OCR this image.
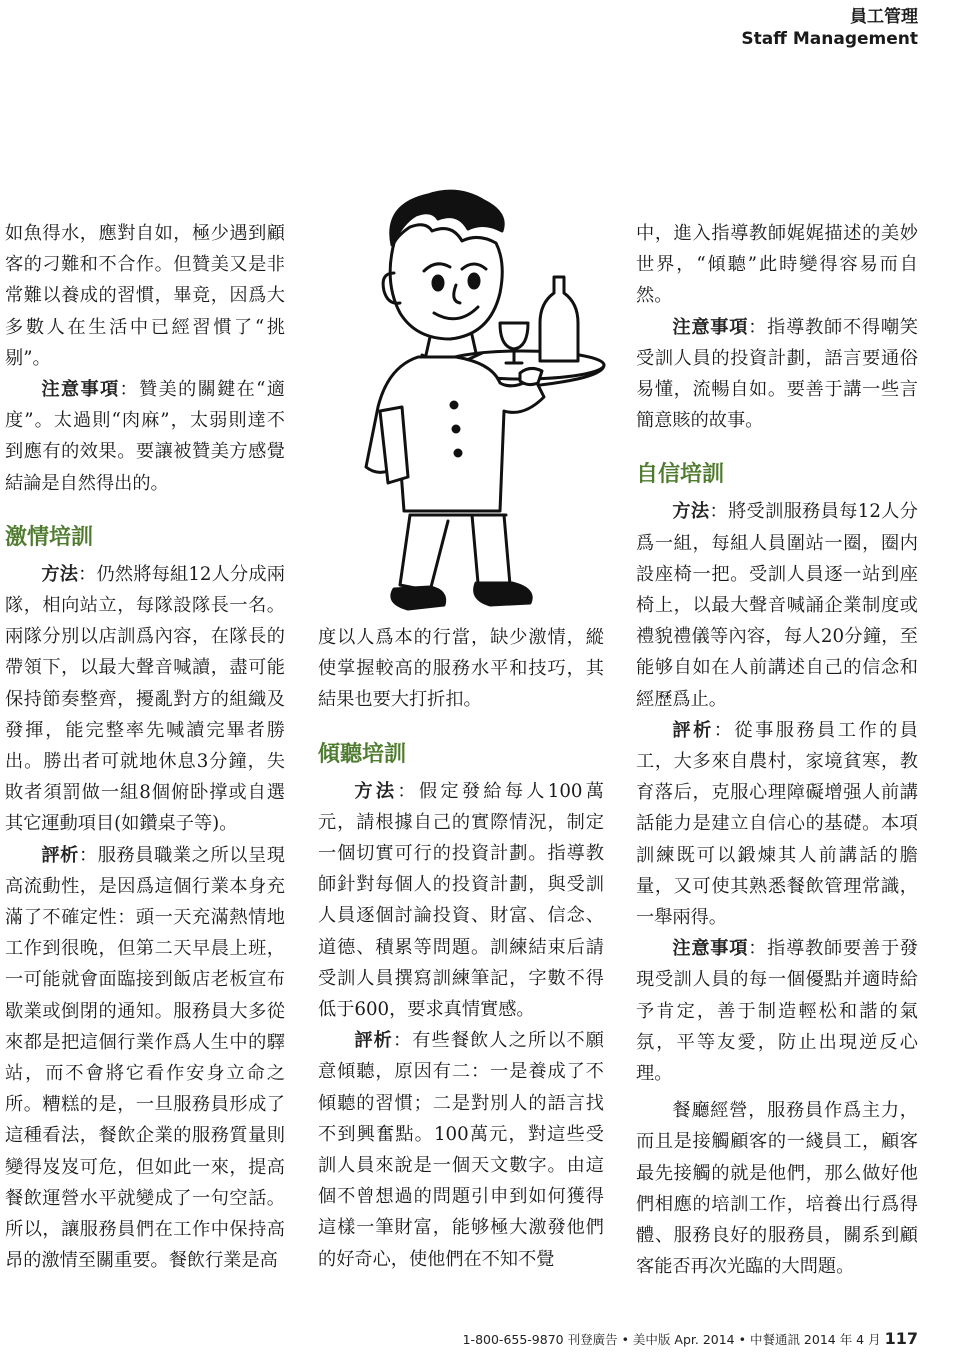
員工管理
Staff Management

如魚得水，應對自如，極少遇到顧客的刁難和不合作。但贊美又是非常難以養成的習慣，畢竟，因爲大多數人在生活中已經習慣了“挑剔”。

注意事項：贊美的關鍵在“適度”。太過則“肉麻”，太弱則達不到應有的效果。要讓被贊美方感覺結論是自然得出的。

激情培訓

方法：仍然將每組12人分成兩隊，相向站立，每隊設隊長一名。兩隊分別以店訓爲內容，在隊長的帶領下，以最大聲音喊讀，盡可能保持節奏整齊，擾亂對方的組織及發揮，能完整率先喊讀完畢者勝出。勝出者可就地休息3分鐘，失敗者須罰做一組8個俯卧撑或自選其它運動項目(如鑽桌子等)。

評析：服務員職業之所以呈現高流動性，是因爲這個行業本身充滿了不確定性：頭一天充滿熱情地工作到很晚，但第二天早晨上班，一可能就會面臨接到飯店老板宣布歇業或倒閉的通知。服務員大多從來都是把這個行業作爲人生中的驛站，而不會將它看作安身立命之所。糟糕的是，一旦服務員形成了這種看法，餐飲企業的服務質量則變得岌岌可危，但如此一來，提高餐飲運營水平就變成了一句空話。所以，讓服務員們在工作中保持高昂的激情至關重要。餐飲行業是高

度以人爲本的行當，缺少激情，縱使掌握較高的服務水平和技巧，其結果也要大打折扣。

傾聽培訓

方法：假定發給每人100萬元，請根據自己的實際情況，制定一個切實可行的投資計劃。指導教師針對每個人的投資計劃，與受訓人員逐個討論投資、財富、信念、道德、積累等問題。訓練結束后請受訓人員撰寫訓練筆記，字數不得低于600，要求真情實感。

評析：有些餐飲人之所以不願意傾聽，原因有二：一是養成了不傾聽的習慣；二是對別人的語言找不到興奮點。100萬元，對這些受訓人員來說是一個天文數字。由這個不曾想過的問題引申到如何獲得這樣一筆財富，能够極大激發他們的好奇心，使他們在不知不覺

中，進入指導教師娓娓描述的美妙世界，“傾聽”此時變得容易而自然。

注意事項：指導教師不得嘲笑受訓人員的投資計劃，語言要通俗易懂，流暢自如。要善于講一些言簡意賅的故事。

自信培訓

方法：將受訓服務員每12人分爲一組，每組人員圍站一圈，圈内設座椅一把。受訓人員逐一站到座椅上，以最大聲音喊誦企業制度或禮貌禮儀等內容，每人20分鐘，至能够自如在人前講述自己的信念和經歷爲止。

評析：從事服務員工作的員工，大多來自農村，家境貧寒，教育落后，克服心理障礙增强人前講話能力是建立自信心的基礎。本項訓練既可以鍛煉其人前講話的膽量，又可使其熟悉餐飲管理常識，一舉兩得。

注意事項：指導教師要善于發現受訓人員的每一個優點并適時給予肯定，善于制造輕松和諧的氣氛，平等友愛，防止出現逆反心理。

餐廳經營，服務員作爲主力，而且是接觸顧客的一綫員工，顧客最先接觸的就是他們，那么做好他們相應的培訓工作，培養出行爲得體、服務良好的服務員，關系到顧客能否再次光臨的大問題。

1-800-655-9870 刊登廣告 • 美中版 Apr. 2014 • 中餐通訊 2014 年 4 月 117
